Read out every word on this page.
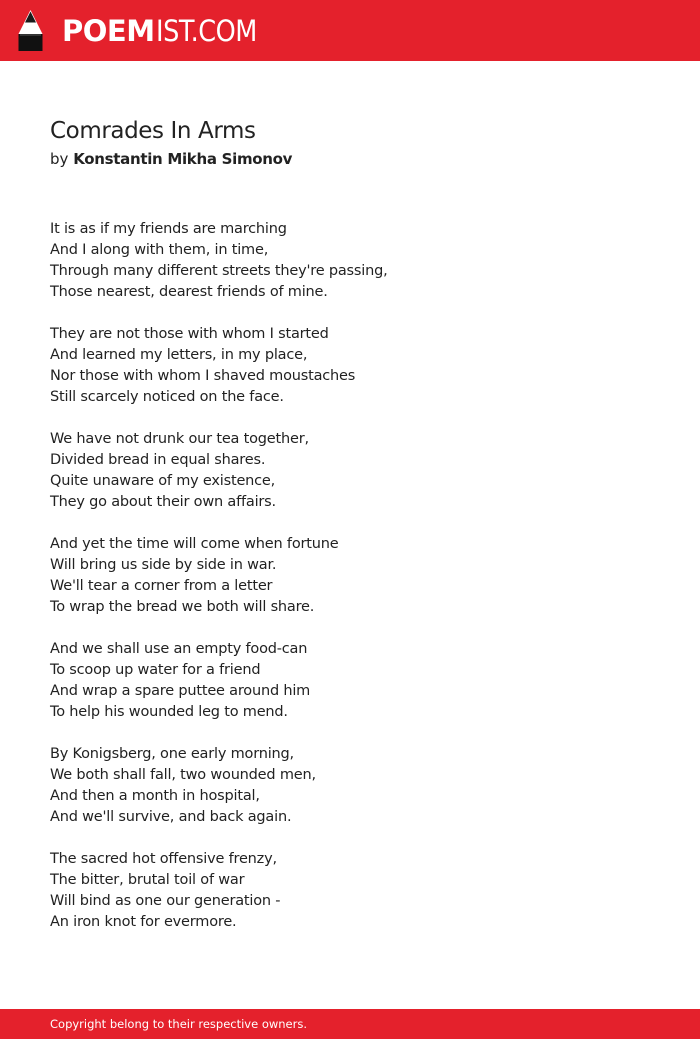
POEMIST.COM
Comrades In Arms
by Konstantin Mikha Simonov
It is as if my friends are marching
And I along with them, in time,
Through many different streets they're passing,
Those nearest, dearest friends of mine.
They are not those with whom I started
And learned my letters, in my place,
Nor those with whom I shaved moustaches
Still scarcely noticed on the face.
We have not drunk our tea together,
Divided bread in equal shares.
Quite unaware of my existence,
They go about their own affairs.
And yet the time will come when fortune
Will bring us side by side in war.
We'll tear a corner from a letter
To wrap the bread we both will share.
And we shall use an empty food-can
To scoop up water for a friend
And wrap a spare puttee around him
To help his wounded leg to mend.
By Konigsberg, one early morning,
We both shall fall, two wounded men,
And then a month in hospital,
And we'll survive, and back again.
The sacred hot offensive frenzy,
The bitter, brutal toil of war
Will bind as one our generation -
An iron knot for evermore.
Copyright belong to their respective owners.
